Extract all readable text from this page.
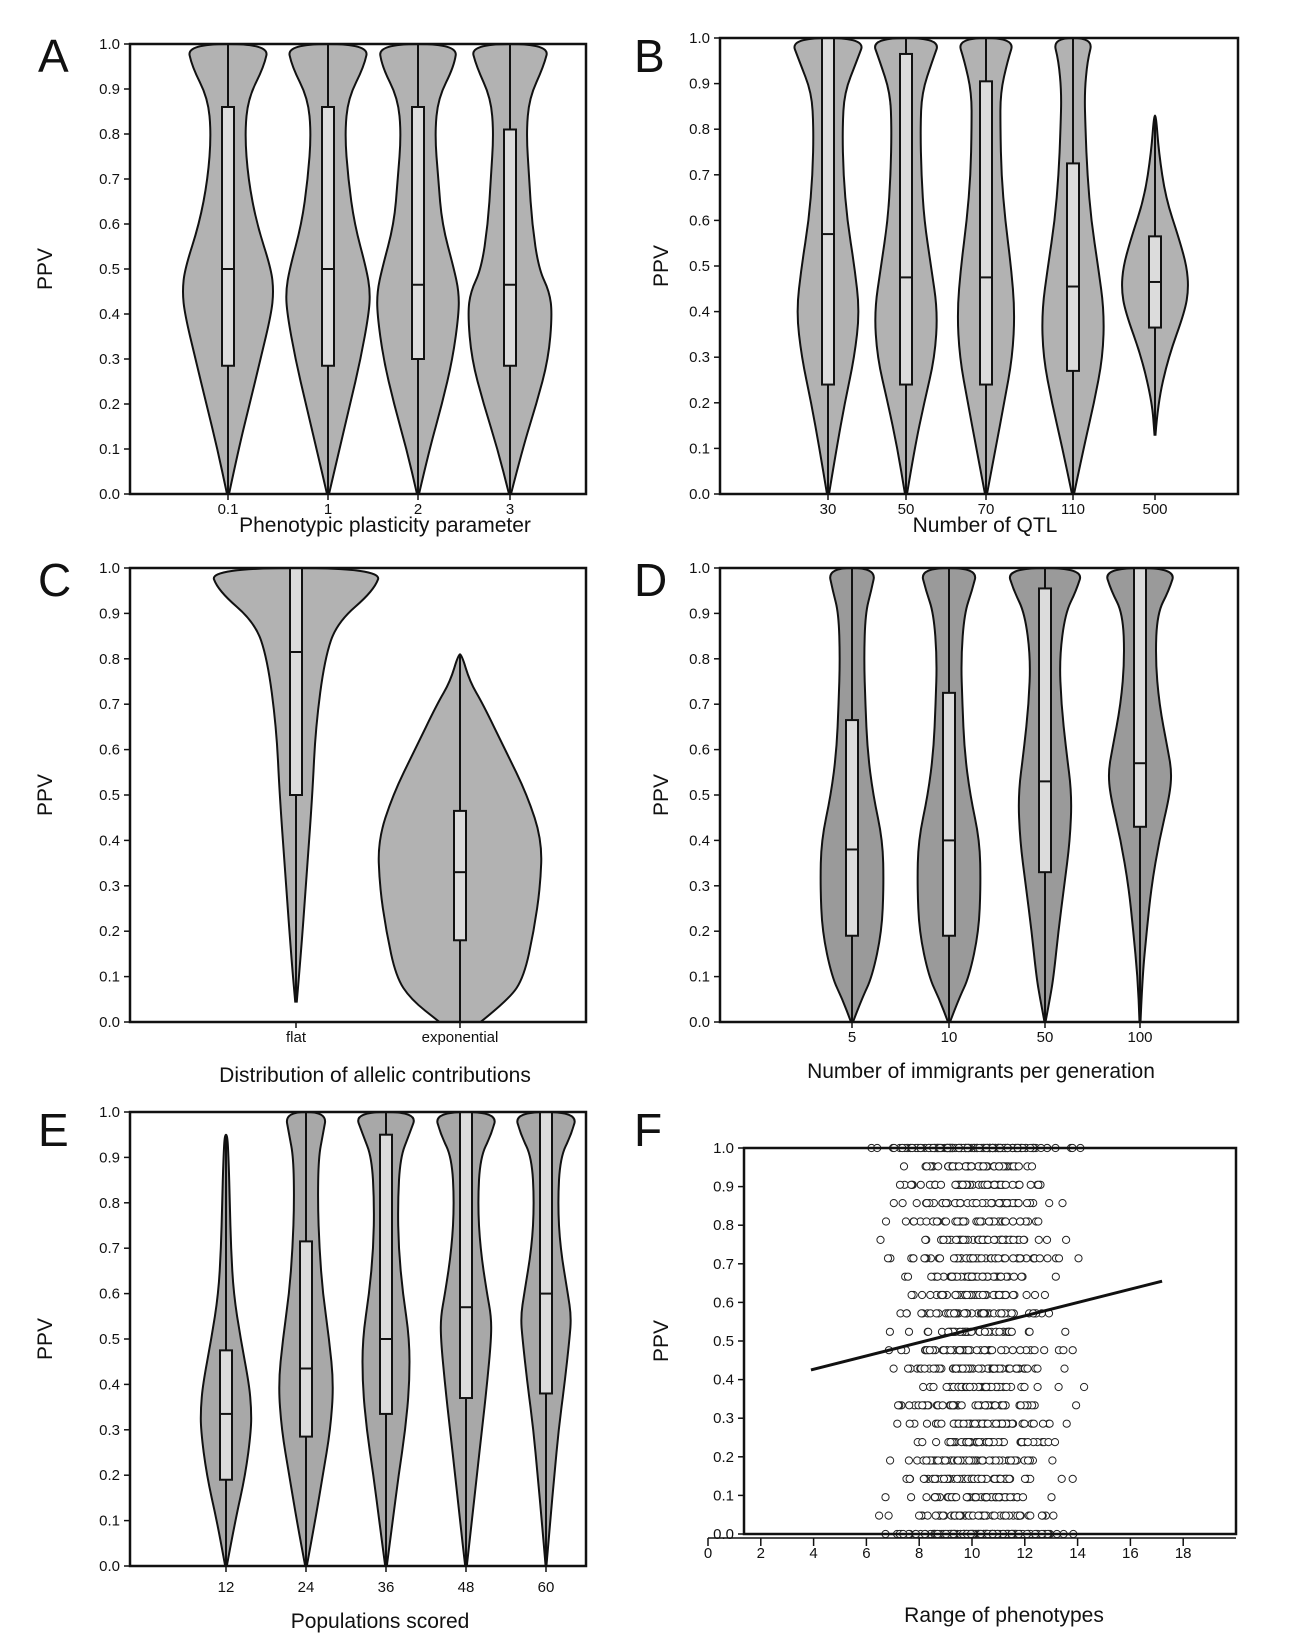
A
PPV
0.0
0.1
0.2
0.3
0.4
0.5
0.6
0.7
0.8
0.9
1.0
0.1	1	2	3
Phenotypic plasticity parameter
B
PPV
0.0
0.1
0.2
0.3
0.4
0.5
0.6
0.7
0.8
0.9
1.0
30	50	70	110	500
Number of QTL
C
PPV
0.0
0.1
0.2
0.3
0.4
0.5
0.6
0.7
0.8
0.9
1.0
flat	exponential
Distribution of allelic contributions
D
PPV
0.0
0.1
0.2
0.3
0.4
0.5
0.6
0.7
0.8
0.9
1.0
5	10	50	100
Number of immigrants per generation
E
PPV
0.0
0.1
0.2
0.3
0.4
0.5
0.6
0.7
0.8
0.9
1.0
12	24	36	48	60
Populations scored
F
PPV
0.0
0.1
0.2
0.3
0.4
0.5
0.6
0.7
0.8
0.9
1.0
0	2	4	6	8	10 12 14 16 18
Range of phenotypes
